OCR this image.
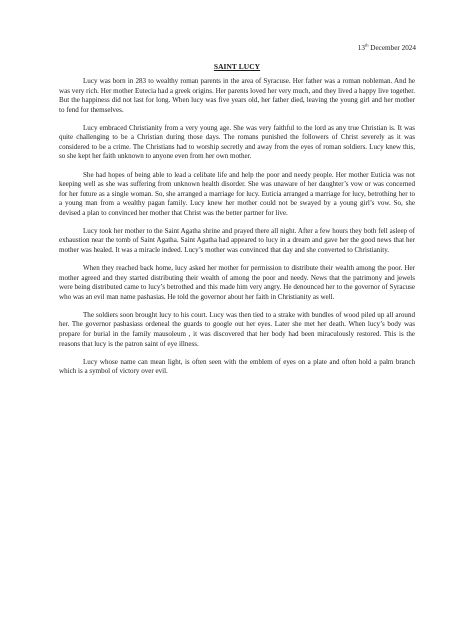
13th December 2024
SAINT LUCY

Lucy was born in 283 to wealthy roman parents in the area of Syracuse. Her father was a roman nobleman. And he was very rich. Her mother Eutecia had a greek origins. Her parents loved her very much, and they lived a happy live together. But the happiness did not last for long. When lucy was five years old, her father died, leaving the young girl and her mother to fend for themselves.

Lucy embraced Christianity from a very young age. She was very faithful to the lord as any true Christian is. It was quite challenging to be a Christian during those days. The romans punished the followers of Christ severely as it was considered to be a crime. The Christians had to worship secretly and away from the eyes of roman soldiers. Lucy knew this, so she kept her faith unknown to anyone even from her own mother.

She had hopes of being able to lead a celibate life and help the poor and needy people. Her mother Euticia was not keeping well as she was suffering from unknown health disorder. She was unaware of her daughter’s vow or was concerned for her future as a single woman. So, she arranged a marriage for lucy. Euticia arranged a marriage for lucy, betrothing her to a young man from a wealthy pagan family. Lucy knew her mother could not be swayed by a young girl’s vow. So, she devised a plan to convinced her mother that Christ was the better partner for live.

Lucy took her mother to the Saint Agatha shrine and prayed there all night. After a few hours they both fell asleep of exhaustion near the tomb of Saint Agatha. Saint Agatha had appeared to lucy in a dream and gave her the good news that her mother was healed. It was a miracle indeed. Lucy’s mother was convinced that day and she converted to Christianity.

When they reached back home, lucy asked her mother for permission to distribute their wealth among the poor. Her mother agreed and they started distributing their wealth of among the poor and needy. News that the patrimony and jewels were being distributed came to lucy’s betrothed and this made him very angry. He denounced her to the governor of Syracuse who was an evil man name pashasias. He told the governor about her faith in Christianity as well.

The soldiers soon brought lucy to his court. Lucy was then tied to a strake with bundles of wood piled up all around her. The governor pashasiass ordeneal the guards to google out her eyes. Later she met her death. When lucy’s body was prepare for burial in the family mausoleum , it was discovered that her body had been miraculously restored. This is the reasons that lucy is the patron saint of eye illness.

Lucy whose name can mean light, is often seen with the emblem of eyes on a plate and often hold a palm branch which is a symbol of victory over evil.
